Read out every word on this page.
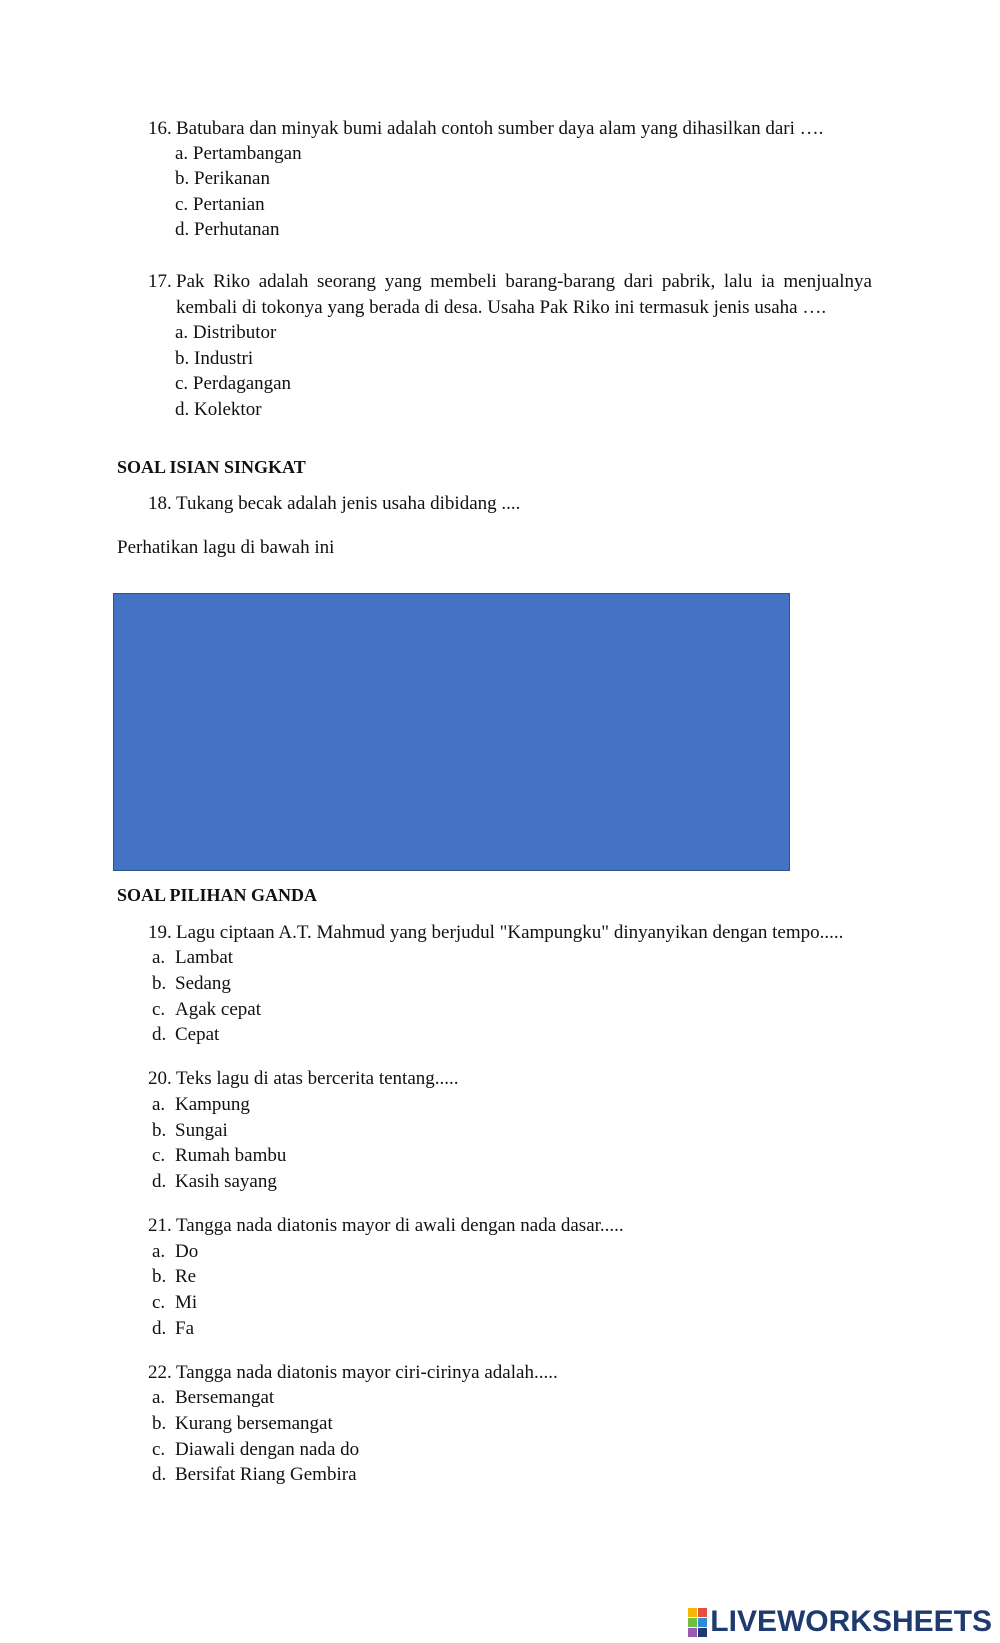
16. Batubara dan minyak bumi adalah contoh sumber daya alam yang dihasilkan dari ….
a. Pertambangan
b. Perikanan
c. Pertanian
d. Perhutanan
17. Pak Riko adalah seorang yang membeli barang-barang dari pabrik, lalu ia menjualnya
kembali di tokonya yang berada di desa. Usaha Pak Riko ini termasuk jenis usaha ….
a. Distributor
b. Industri
c. Perdagangan
d. Kolektor
SOAL ISIAN SINGKAT
18. Tukang becak adalah jenis usaha dibidang ....
Perhatikan lagu di bawah ini
SOAL PILIHAN GANDA
19. Lagu ciptaan A.T. Mahmud yang berjudul "Kampungku" dinyanyikan dengan tempo.....
a. Lambat
b. Sedang
c. Agak cepat
d. Cepat
20. Teks lagu di atas bercerita tentang.....
a. Kampung
b. Sungai
c. Rumah bambu
d. Kasih sayang
21. Tangga nada diatonis mayor di awali dengan nada dasar.....
a. Do
b. Re
c. Mi
d. Fa
22. Tangga nada diatonis mayor ciri-cirinya adalah.....
a. Bersemangat
b. Kurang bersemangat
c. Diawali dengan nada do
d. Bersifat Riang Gembira
LIVEWORKSHEETS
